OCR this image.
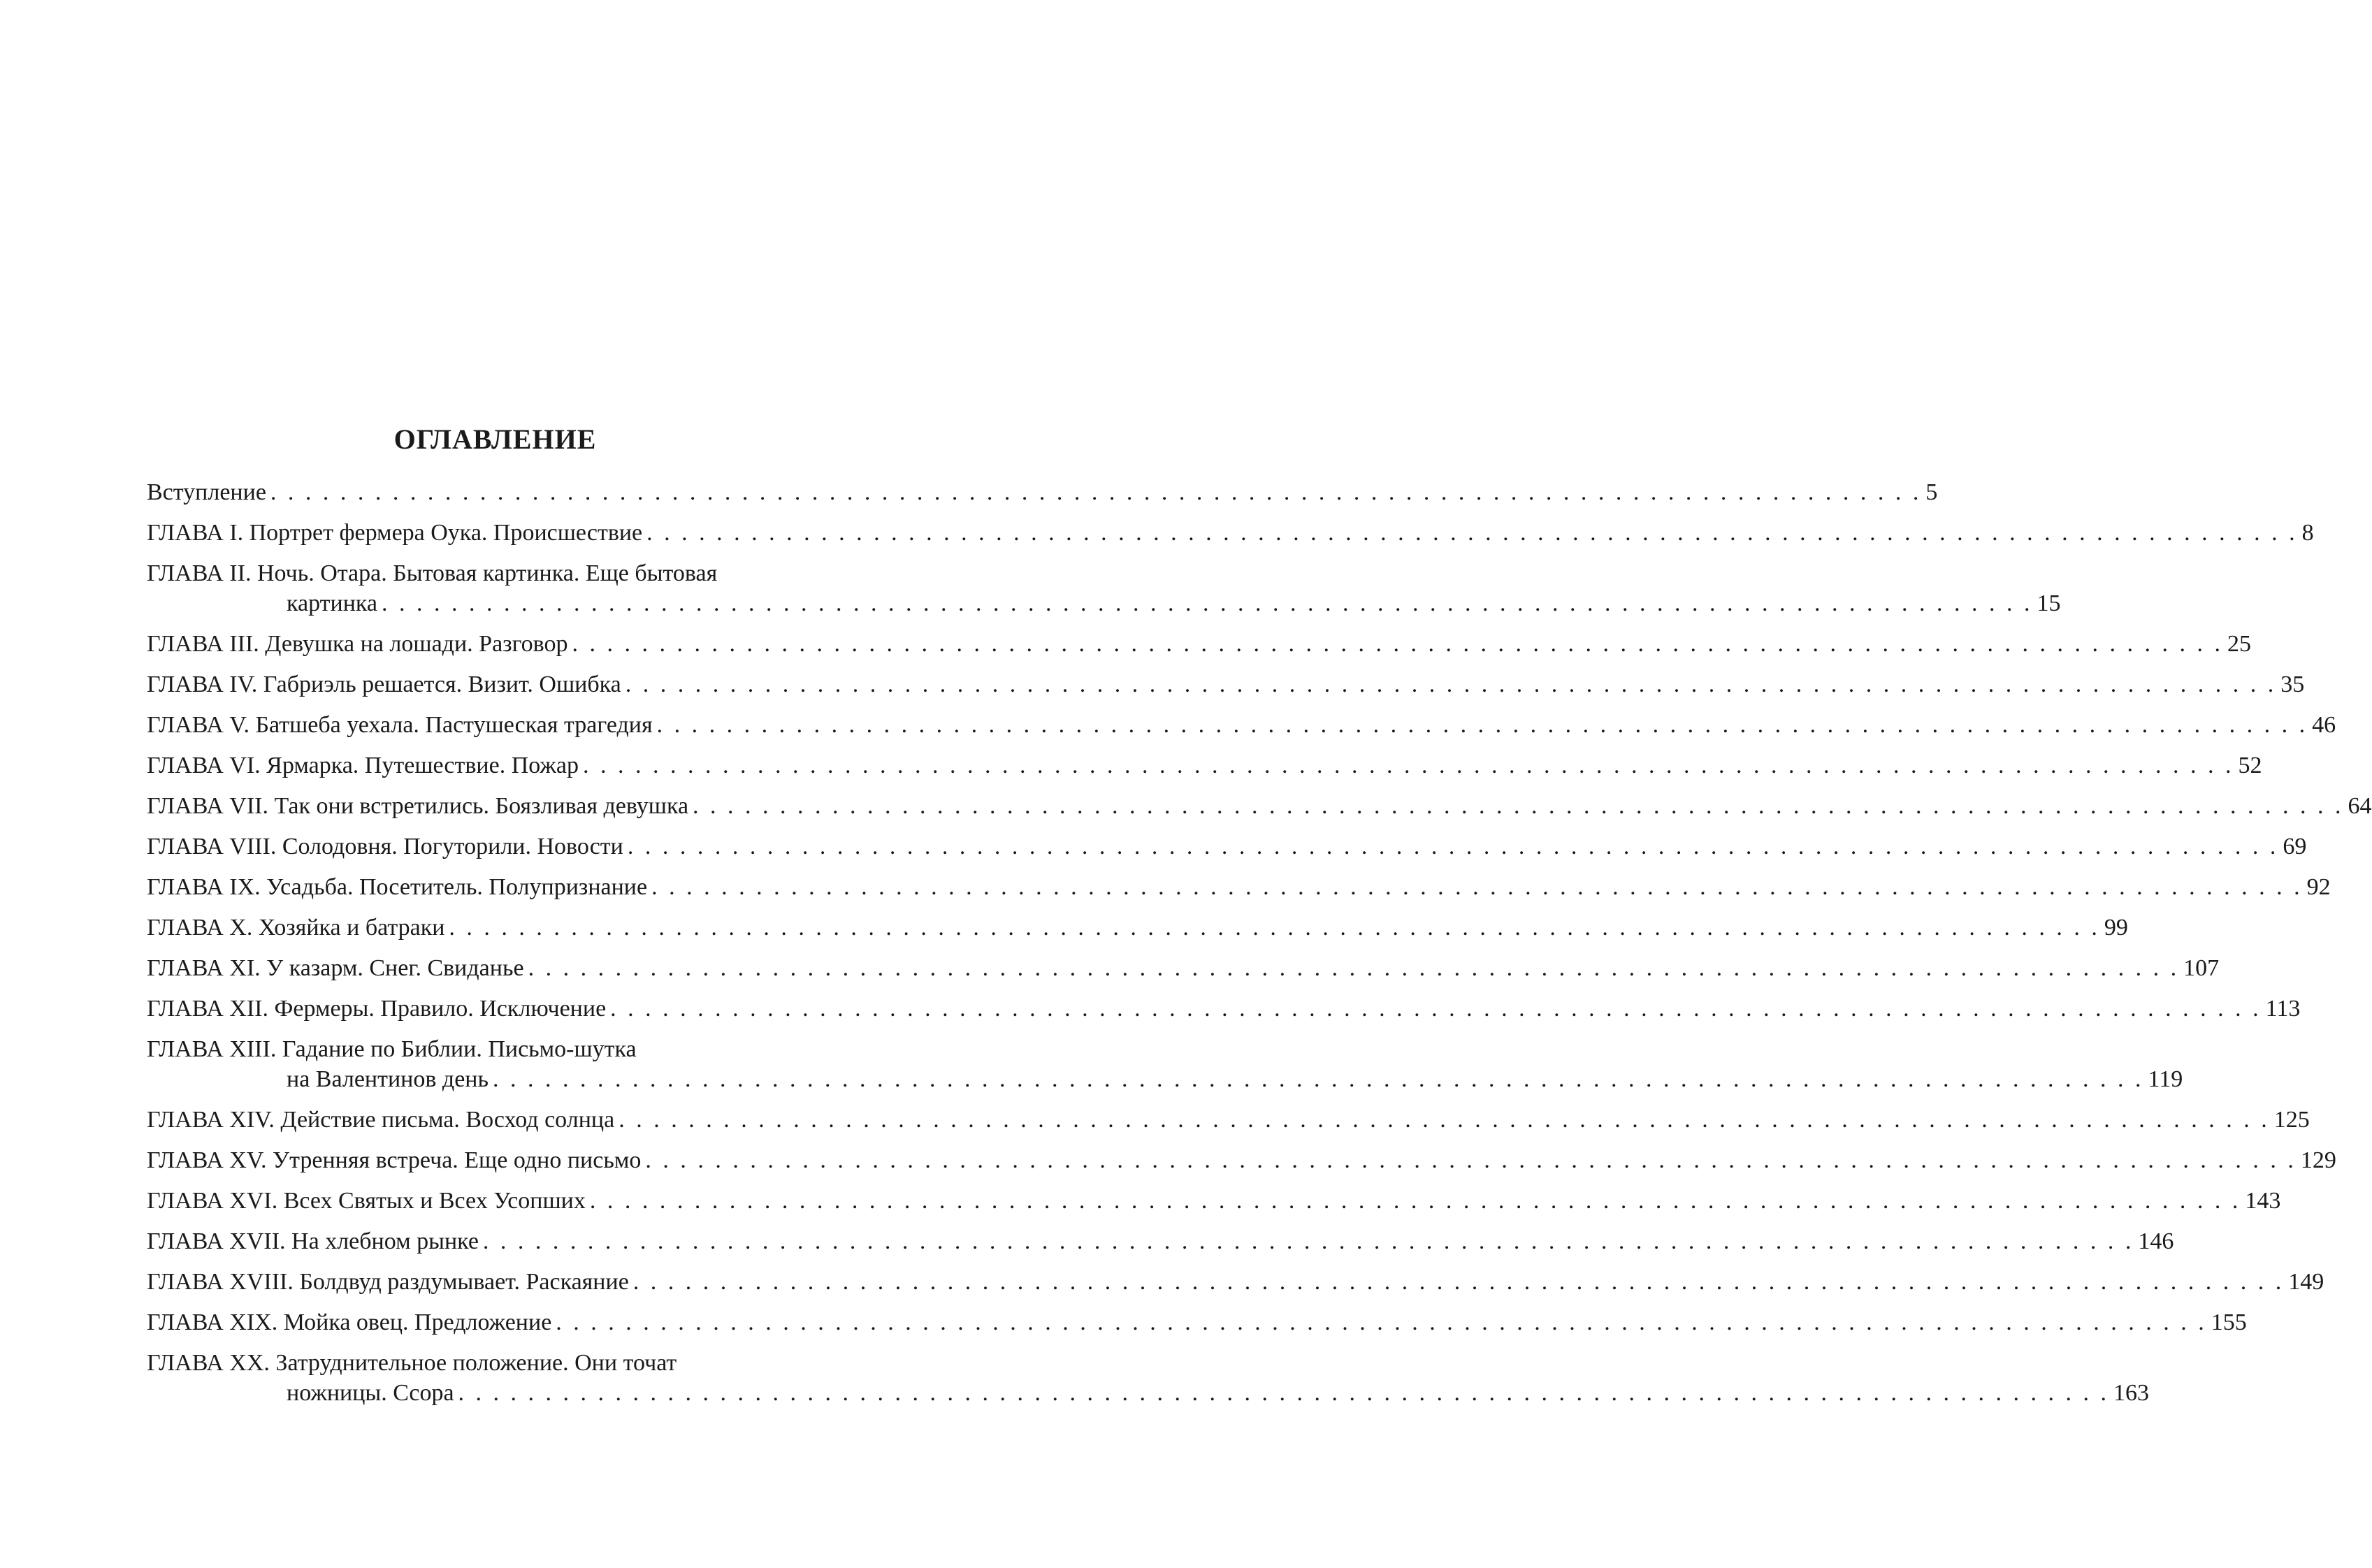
ОГЛАВЛЕНИЕ
Вступление . . . . . . . . . . . . . . . . . . . . . . . . . . . . . . . . . . . . . . . . . . . . . . . . . . . . . . . . . . . . . . . . . . . . . . . . . . . . . . . . . . . . . . . . . . . . . . . 5
ГЛАВА I. Портрет фермера Оука. Происшествие . . . . . . . . . . . . . . . . . . . . . . . . . . . . . . . . . . . . . . . . . . . . . . . . . . . . . . . . . . . . . . . . . . . . . . . . . . . . . . . . . . . . . . . . . . . . . . . 8
ГЛАВА II. Ночь. Отара. Бытовая картинка. Еще бытовая
картинка . . . . . . . . . . . . . . . . . . . . . . . . . . . . . . . . . . . . . . . . . . . . . . . . . . . . . . . . . . . . . . . . . . . . . . . . . . . . . . . . . . . . . . . . . . . . . . . 15
ГЛАВА III. Девушка на лошади. Разговор . . . . . . . . . . . . . . . . . . . . . . . . . . . . . . . . . . . . . . . . . . . . . . . . . . . . . . . . . . . . . . . . . . . . . . . . . . . . . . . . . . . . . . . . . . . . . . . 25
ГЛАВА IV. Габриэль решается. Визит. Ошибка . . . . . . . . . . . . . . . . . . . . . . . . . . . . . . . . . . . . . . . . . . . . . . . . . . . . . . . . . . . . . . . . . . . . . . . . . . . . . . . . . . . . . . . . . . . . . . . 35
ГЛАВА V. Батшеба уехала. Пастушеская трагедия . . . . . . . . . . . . . . . . . . . . . . . . . . . . . . . . . . . . . . . . . . . . . . . . . . . . . . . . . . . . . . . . . . . . . . . . . . . . . . . . . . . . . . . . . . . . . . . 46
ГЛАВА VI. Ярмарка. Путешествие. Пожар . . . . . . . . . . . . . . . . . . . . . . . . . . . . . . . . . . . . . . . . . . . . . . . . . . . . . . . . . . . . . . . . . . . . . . . . . . . . . . . . . . . . . . . . . . . . . . . 52
ГЛАВА VII. Так они встретились. Боязливая девушка . . . . . . . . . . . . . . . . . . . . . . . . . . . . . . . . . . . . . . . . . . . . . . . . . . . . . . . . . . . . . . . . . . . . . . . . . . . . . . . . . . . . . . . . . . . . . . . 64
ГЛАВА VIII. Солодовня. Погуторили. Новости . . . . . . . . . . . . . . . . . . . . . . . . . . . . . . . . . . . . . . . . . . . . . . . . . . . . . . . . . . . . . . . . . . . . . . . . . . . . . . . . . . . . . . . . . . . . . . . 69
ГЛАВА IX. Усадьба. Посетитель. Полупризнание . . . . . . . . . . . . . . . . . . . . . . . . . . . . . . . . . . . . . . . . . . . . . . . . . . . . . . . . . . . . . . . . . . . . . . . . . . . . . . . . . . . . . . . . . . . . . . . 92
ГЛАВА X. Хозяйка и батраки . . . . . . . . . . . . . . . . . . . . . . . . . . . . . . . . . . . . . . . . . . . . . . . . . . . . . . . . . . . . . . . . . . . . . . . . . . . . . . . . . . . . . . . . . . . . . . . 99
ГЛАВА XI. У казарм. Снег. Свиданье . . . . . . . . . . . . . . . . . . . . . . . . . . . . . . . . . . . . . . . . . . . . . . . . . . . . . . . . . . . . . . . . . . . . . . . . . . . . . . . . . . . . . . . . . . . . . . . 107
ГЛАВА XII. Фермеры. Правило. Исключение . . . . . . . . . . . . . . . . . . . . . . . . . . . . . . . . . . . . . . . . . . . . . . . . . . . . . . . . . . . . . . . . . . . . . . . . . . . . . . . . . . . . . . . . . . . . . . . 113
ГЛАВА XIII. Гадание по Библии. Письмо-шутка
на Валентинов день . . . . . . . . . . . . . . . . . . . . . . . . . . . . . . . . . . . . . . . . . . . . . . . . . . . . . . . . . . . . . . . . . . . . . . . . . . . . . . . . . . . . . . . . . . . . . . . 119
ГЛАВА XIV. Действие письма. Восход солнца . . . . . . . . . . . . . . . . . . . . . . . . . . . . . . . . . . . . . . . . . . . . . . . . . . . . . . . . . . . . . . . . . . . . . . . . . . . . . . . . . . . . . . . . . . . . . . . 125
ГЛАВА XV. Утренняя встреча. Еще одно письмо . . . . . . . . . . . . . . . . . . . . . . . . . . . . . . . . . . . . . . . . . . . . . . . . . . . . . . . . . . . . . . . . . . . . . . . . . . . . . . . . . . . . . . . . . . . . . . . 129
ГЛАВА XVI. Всех Святых и Всех Усопших . . . . . . . . . . . . . . . . . . . . . . . . . . . . . . . . . . . . . . . . . . . . . . . . . . . . . . . . . . . . . . . . . . . . . . . . . . . . . . . . . . . . . . . . . . . . . . . 143
ГЛАВА XVII. На хлебном рынке . . . . . . . . . . . . . . . . . . . . . . . . . . . . . . . . . . . . . . . . . . . . . . . . . . . . . . . . . . . . . . . . . . . . . . . . . . . . . . . . . . . . . . . . . . . . . . . 146
ГЛАВА XVIII. Болдвуд раздумывает. Раскаяние . . . . . . . . . . . . . . . . . . . . . . . . . . . . . . . . . . . . . . . . . . . . . . . . . . . . . . . . . . . . . . . . . . . . . . . . . . . . . . . . . . . . . . . . . . . . . . . 149
ГЛАВА XIX. Мойка овец. Предложение . . . . . . . . . . . . . . . . . . . . . . . . . . . . . . . . . . . . . . . . . . . . . . . . . . . . . . . . . . . . . . . . . . . . . . . . . . . . . . . . . . . . . . . . . . . . . . . 155
ГЛАВА XX. Затруднительное положение. Они точат
ножницы. Ссора . . . . . . . . . . . . . . . . . . . . . . . . . . . . . . . . . . . . . . . . . . . . . . . . . . . . . . . . . . . . . . . . . . . . . . . . . . . . . . . . . . . . . . . . . . . . . . . 163
